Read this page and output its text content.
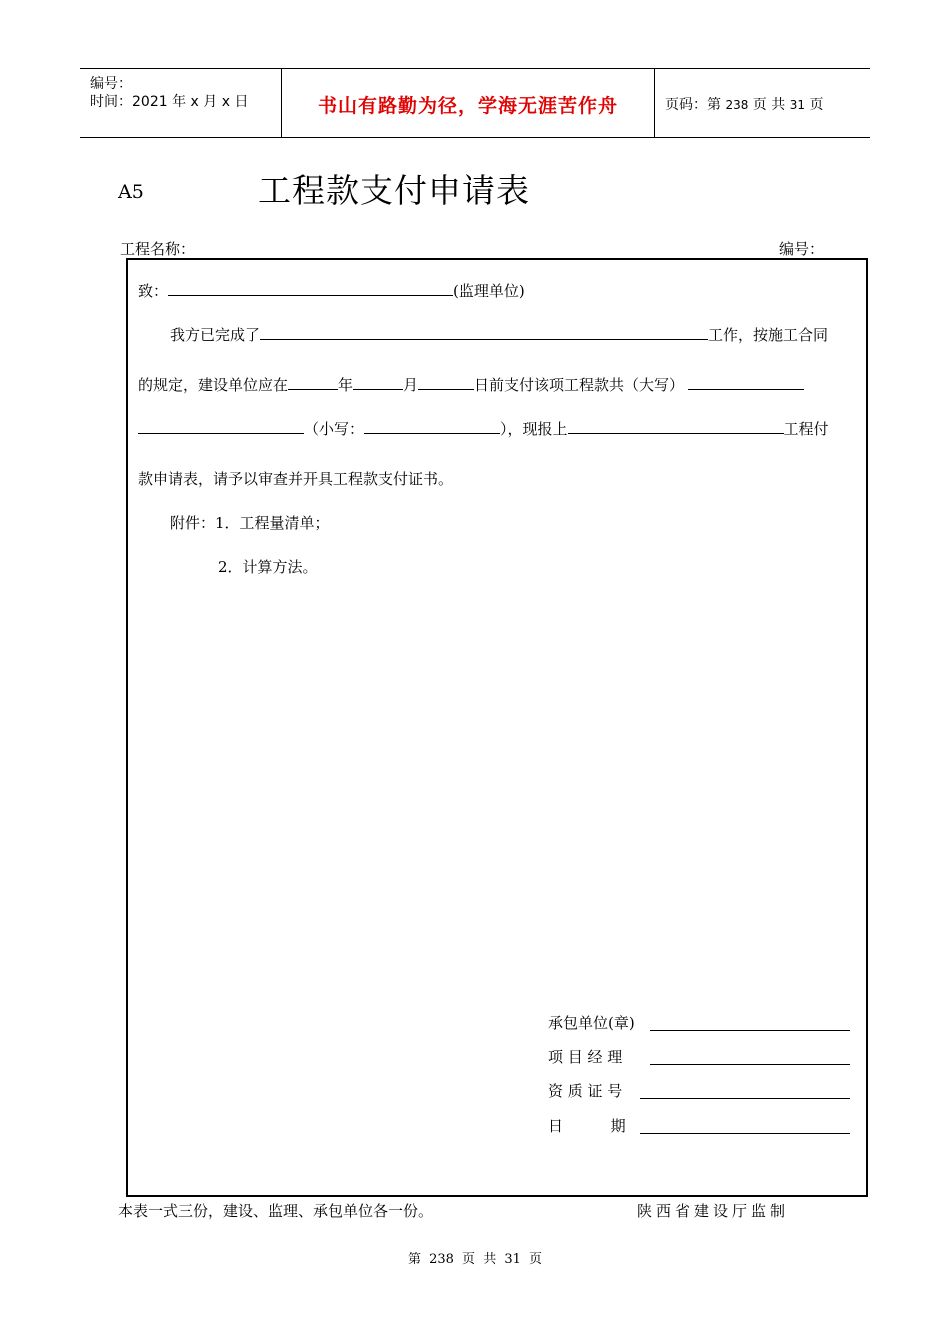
编号：
时间：2021 年 x 月 x 日	书山有路勤为径，学海无涯苦作舟	页码：第 238 页 共 31 页
A5	工程款支付申请表
工程名称：	编号：
致：	(监理单位)
我方已完成了	工作，按施工合同
的规定，建设单位应在	年	月	日前支付该项工程款共（大写）
（小写：	），现报上	工程付
款申请表，请予以审查并开具工程款支付证书。
附件：1．工程量清单；
2．计算方法。
承包单位(章)
项 目 经 理
资 质 证 号
日          期
本表一式三份，建设、监理、承包单位各一份。	陕西省建设厅监制
第 238 页 共 31 页
